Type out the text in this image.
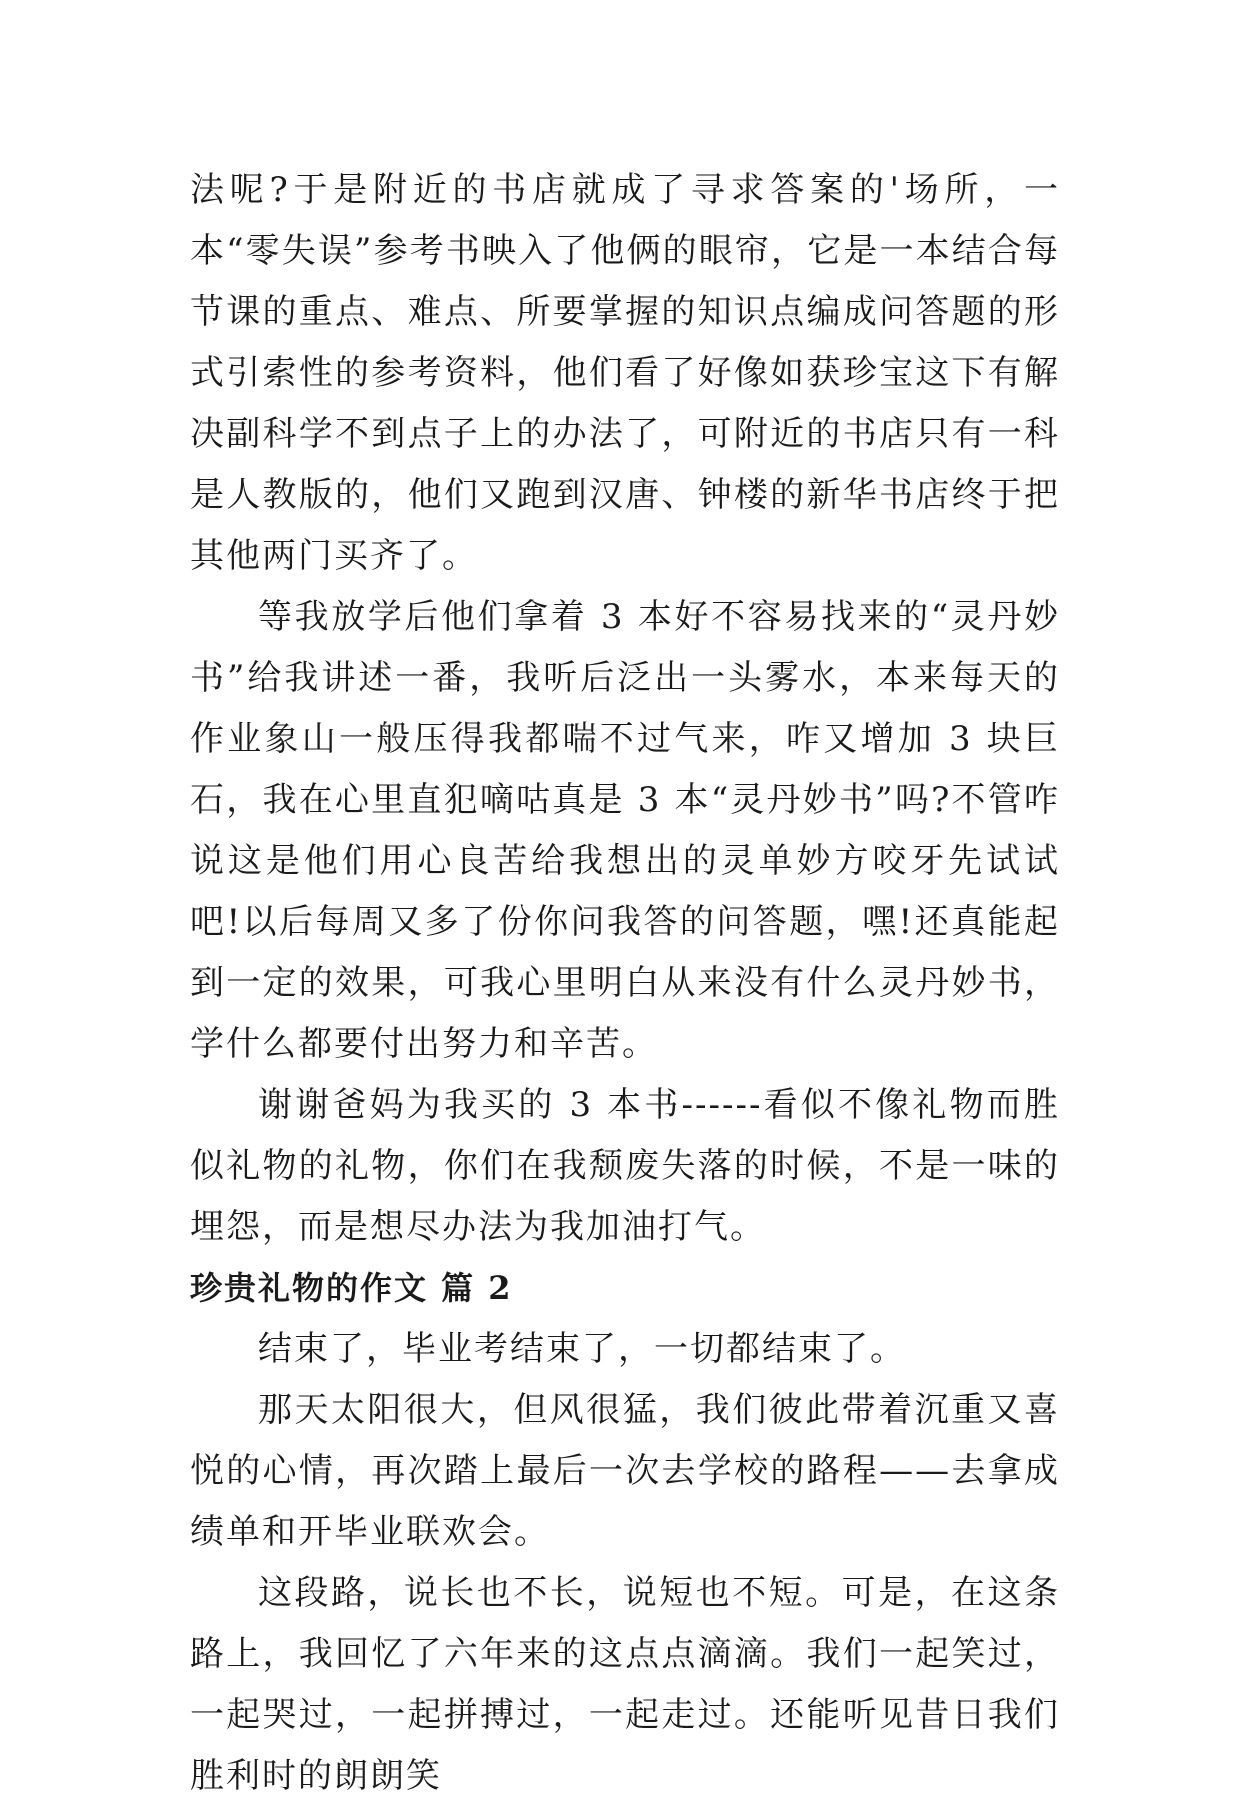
法呢?于是附近的书店就成了寻求答案的'场所，一本“零失误”参考书映入了他俩的眼帘，它是一本结合每节课的重点、难点、所要掌握的知识点编成问答题的形式引索性的参考资料，他们看了好像如获珍宝这下有解决副科学不到点子上的办法了，可附近的书店只有一科是人教版的，他们又跑到汉唐、钟楼的新华书店终于把其他两门买齐了。

等我放学后他们拿着 3 本好不容易找来的“灵丹妙书”给我讲述一番，我听后泛出一头雾水，本来每天的作业象山一般压得我都喘不过气来，咋又增加 3 块巨石，我在心里直犯嘀咕真是 3 本“灵丹妙书”吗?不管咋说这是他们用心良苦给我想出的灵单妙方咬牙先试试吧!以后每周又多了份你问我答的问答题，嘿!还真能起到一定的效果，可我心里明白从来没有什么灵丹妙书，学什么都要付出努力和辛苦。

谢谢爸妈为我买的 3 本书------看似不像礼物而胜似礼物的礼物，你们在我颓废失落的时候，不是一味的埋怨，而是想尽办法为我加油打气。

珍贵礼物的作文 篇 2

结束了，毕业考结束了，一切都结束了。

那天太阳很大，但风很猛，我们彼此带着沉重又喜悦的心情，再次踏上最后一次去学校的路程——去拿成绩单和开毕业联欢会。

这段路，说长也不长，说短也不短。可是，在这条路上，我回忆了六年来的这点点滴滴。我们一起笑过，一起哭过，一起拼搏过，一起走过。还能听见昔日我们胜利时的朗朗笑
